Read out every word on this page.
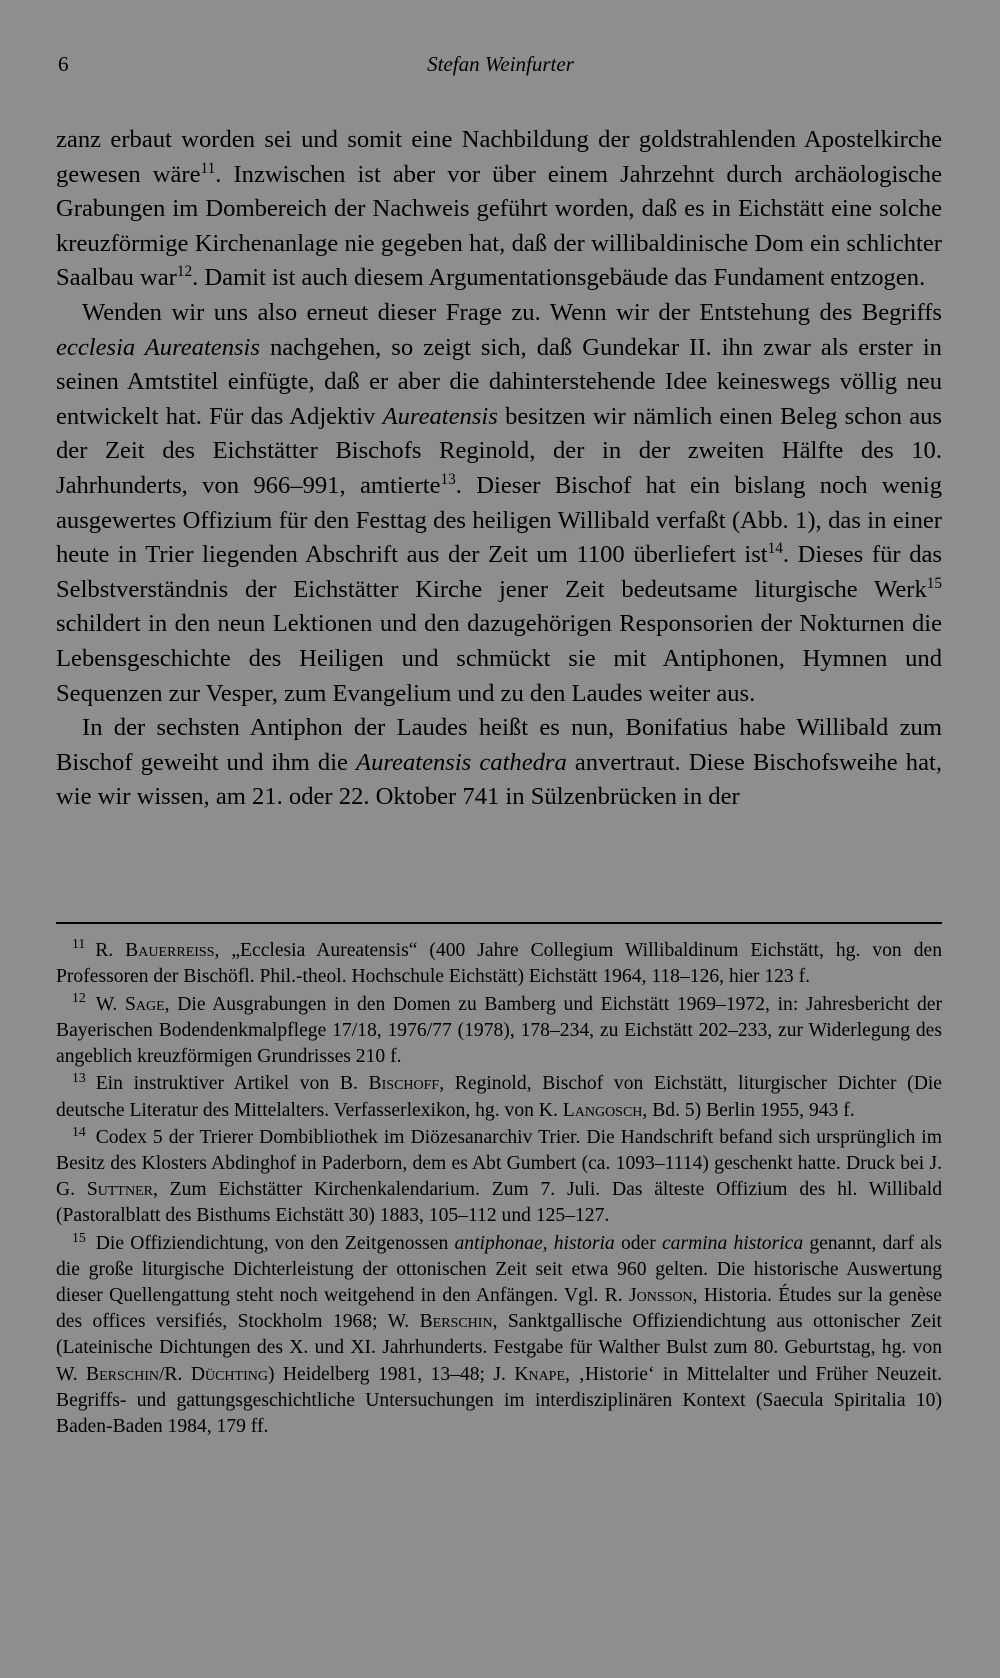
6	Stefan Weinfurter

zanz erbaut worden sei und somit eine Nachbildung der goldstrahlenden Apostelkirche gewesen wäre$^{11}$. Inzwischen ist aber vor über einem Jahrzehnt durch archäologische Grabungen im Dombereich der Nachweis geführt worden, daß es in Eichstätt eine solche kreuzförmige Kirchenanlage nie gegeben hat, daß der willibaldinische Dom ein schlichter Saalbau war$^{12}$. Damit ist auch diesem Argumentationsgebäude das Fundament entzogen.

Wenden wir uns also erneut dieser Frage zu. Wenn wir der Entstehung des Begriffs ecclesia Aureatensis nachgehen, so zeigt sich, daß Gundekar II. ihn zwar als erster in seinen Amtstitel einfügte, daß er aber die dahinterstehende Idee keineswegs völlig neu entwickelt hat. Für das Adjektiv Aureatensis besitzen wir nämlich einen Beleg schon aus der Zeit des Eichstätter Bischofs Reginold, der in der zweiten Hälfte des 10. Jahrhunderts, von 966–991, amtierte$^{13}$. Dieser Bischof hat ein bislang noch wenig ausgewertes Offizium für den Festtag des heiligen Willibald verfaßt (Abb. 1), das in einer heute in Trier liegenden Abschrift aus der Zeit um 1100 überliefert ist$^{14}$. Dieses für das Selbstverständnis der Eichstätter Kirche jener Zeit bedeutsame liturgische Werk$^{15}$ schildert in den neun Lektionen und den dazugehörigen Responsorien der Nokturnen die Lebensgeschichte des Heiligen und schmückt sie mit Antiphonen, Hymnen und Sequenzen zur Vesper, zum Evangelium und zu den Laudes weiter aus.

In der sechsten Antiphon der Laudes heißt es nun, Bonifatius habe Willibald zum Bischof geweiht und ihm die Aureatensis cathedra anvertraut. Diese Bischofsweihe hat, wie wir wissen, am 21. oder 22. Oktober 741 in Sülzenbrücken in der

$^{11}$ R. Bauerreiss, „Ecclesia Aureatensis“ (400 Jahre Collegium Willibaldinum Eichstätt, hg. von den Professoren der Bischöfl. Phil.-theol. Hochschule Eichstätt) Eichstätt 1964, 118–126, hier 123 f.

$^{12}$ W. Sage, Die Ausgrabungen in den Domen zu Bamberg und Eichstätt 1969–1972, in: Jahresbericht der Bayerischen Bodendenkmalpflege 17/18, 1976/77 (1978), 178–234, zu Eichstätt 202–233, zur Widerlegung des angeblich kreuzförmigen Grundrisses 210 f.

$^{13}$ Ein instruktiver Artikel von B. Bischoff, Reginold, Bischof von Eichstätt, liturgischer Dichter (Die deutsche Literatur des Mittelalters. Verfasserlexikon, hg. von K. Langosch, Bd. 5) Berlin 1955, 943 f.

$^{14}$ Codex 5 der Trierer Dombibliothek im Diözesanarchiv Trier. Die Handschrift befand sich ursprünglich im Besitz des Klosters Abdinghof in Paderborn, dem es Abt Gumbert (ca. 1093–1114) geschenkt hatte. Druck bei J. G. Suttner, Zum Eichstätter Kirchenkalendarium. Zum 7. Juli. Das älteste Offizium des hl. Willibald (Pastoralblatt des Bisthums Eichstätt 30) 1883, 105–112 und 125–127.

$^{15}$ Die Offiziendichtung, von den Zeitgenossen antiphonae, historia oder carmina historica genannt, darf als die große liturgische Dichterleistung der ottonischen Zeit seit etwa 960 gelten. Die historische Auswertung dieser Quellengattung steht noch weitgehend in den Anfängen. Vgl. R. Jonsson, Historia. Études sur la genèse des offices versifiés, Stockholm 1968; W. Berschin, Sanktgallische Offiziendichtung aus ottonischer Zeit (Lateinische Dichtungen des X. und XI. Jahrhunderts. Festgabe für Walther Bulst zum 80. Geburtstag, hg. von W. Berschin/R. Düchting) Heidelberg 1981, 13–48; J. Knape, ‚Historie‘ in Mittelalter und Früher Neuzeit. Begriffs- und gattungsgeschichtliche Untersuchungen im interdisziplinären Kontext (Saecula Spiritalia 10) Baden-Baden 1984, 179 ff.
